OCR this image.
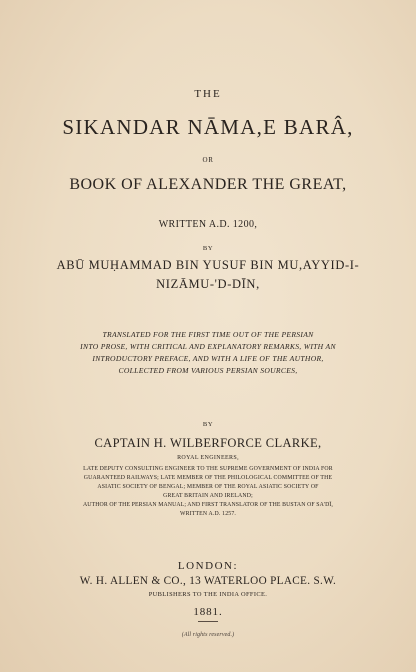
THE
SIKANDAR NĀMA,E BARÂ,
OR
BOOK OF ALEXANDER THE GREAT,
WRITTEN A.D. 1200,
BY
ABŪ MUḤAMMAD BIN YUSUF BIN MU,AYYID-I-
NIZĀMU-'D-DĪN,
TRANSLATED FOR THE FIRST TIME OUT OF THE PERSIAN
INTO PROSE, WITH CRITICAL AND EXPLANATORY REMARKS, WITH AN
INTRODUCTORY PREFACE, AND WITH A LIFE OF THE AUTHOR,
COLLECTED FROM VARIOUS PERSIAN SOURCES,
BY
CAPTAIN H. WILBERFORCE CLARKE,
ROYAL ENGINEERS,
LATE DEPUTY CONSULTING ENGINEER TO THE SUPREME GOVERNMENT OF INDIA FOR
GUARANTEED RAILWAYS; LATE MEMBER OF THE PHILOLOGICAL COMMITTEE OF THE
ASIATIC SOCIETY OF BENGAL; MEMBER OF THE ROYAL ASIATIC SOCIETY OF
GREAT BRITAIN AND IRELAND;
AUTHOR OF THE PERSIAN MANUAL; AND FIRST TRANSLATOR OF THE BUSTAN OF SA'DĪ,
WRITTEN A.D. 1257.
LONDON:
W. H. ALLEN & CO., 13 WATERLOO PLACE. S.W.
PUBLISHERS TO THE INDIA OFFICE.
1881.
(All rights reserved.)
